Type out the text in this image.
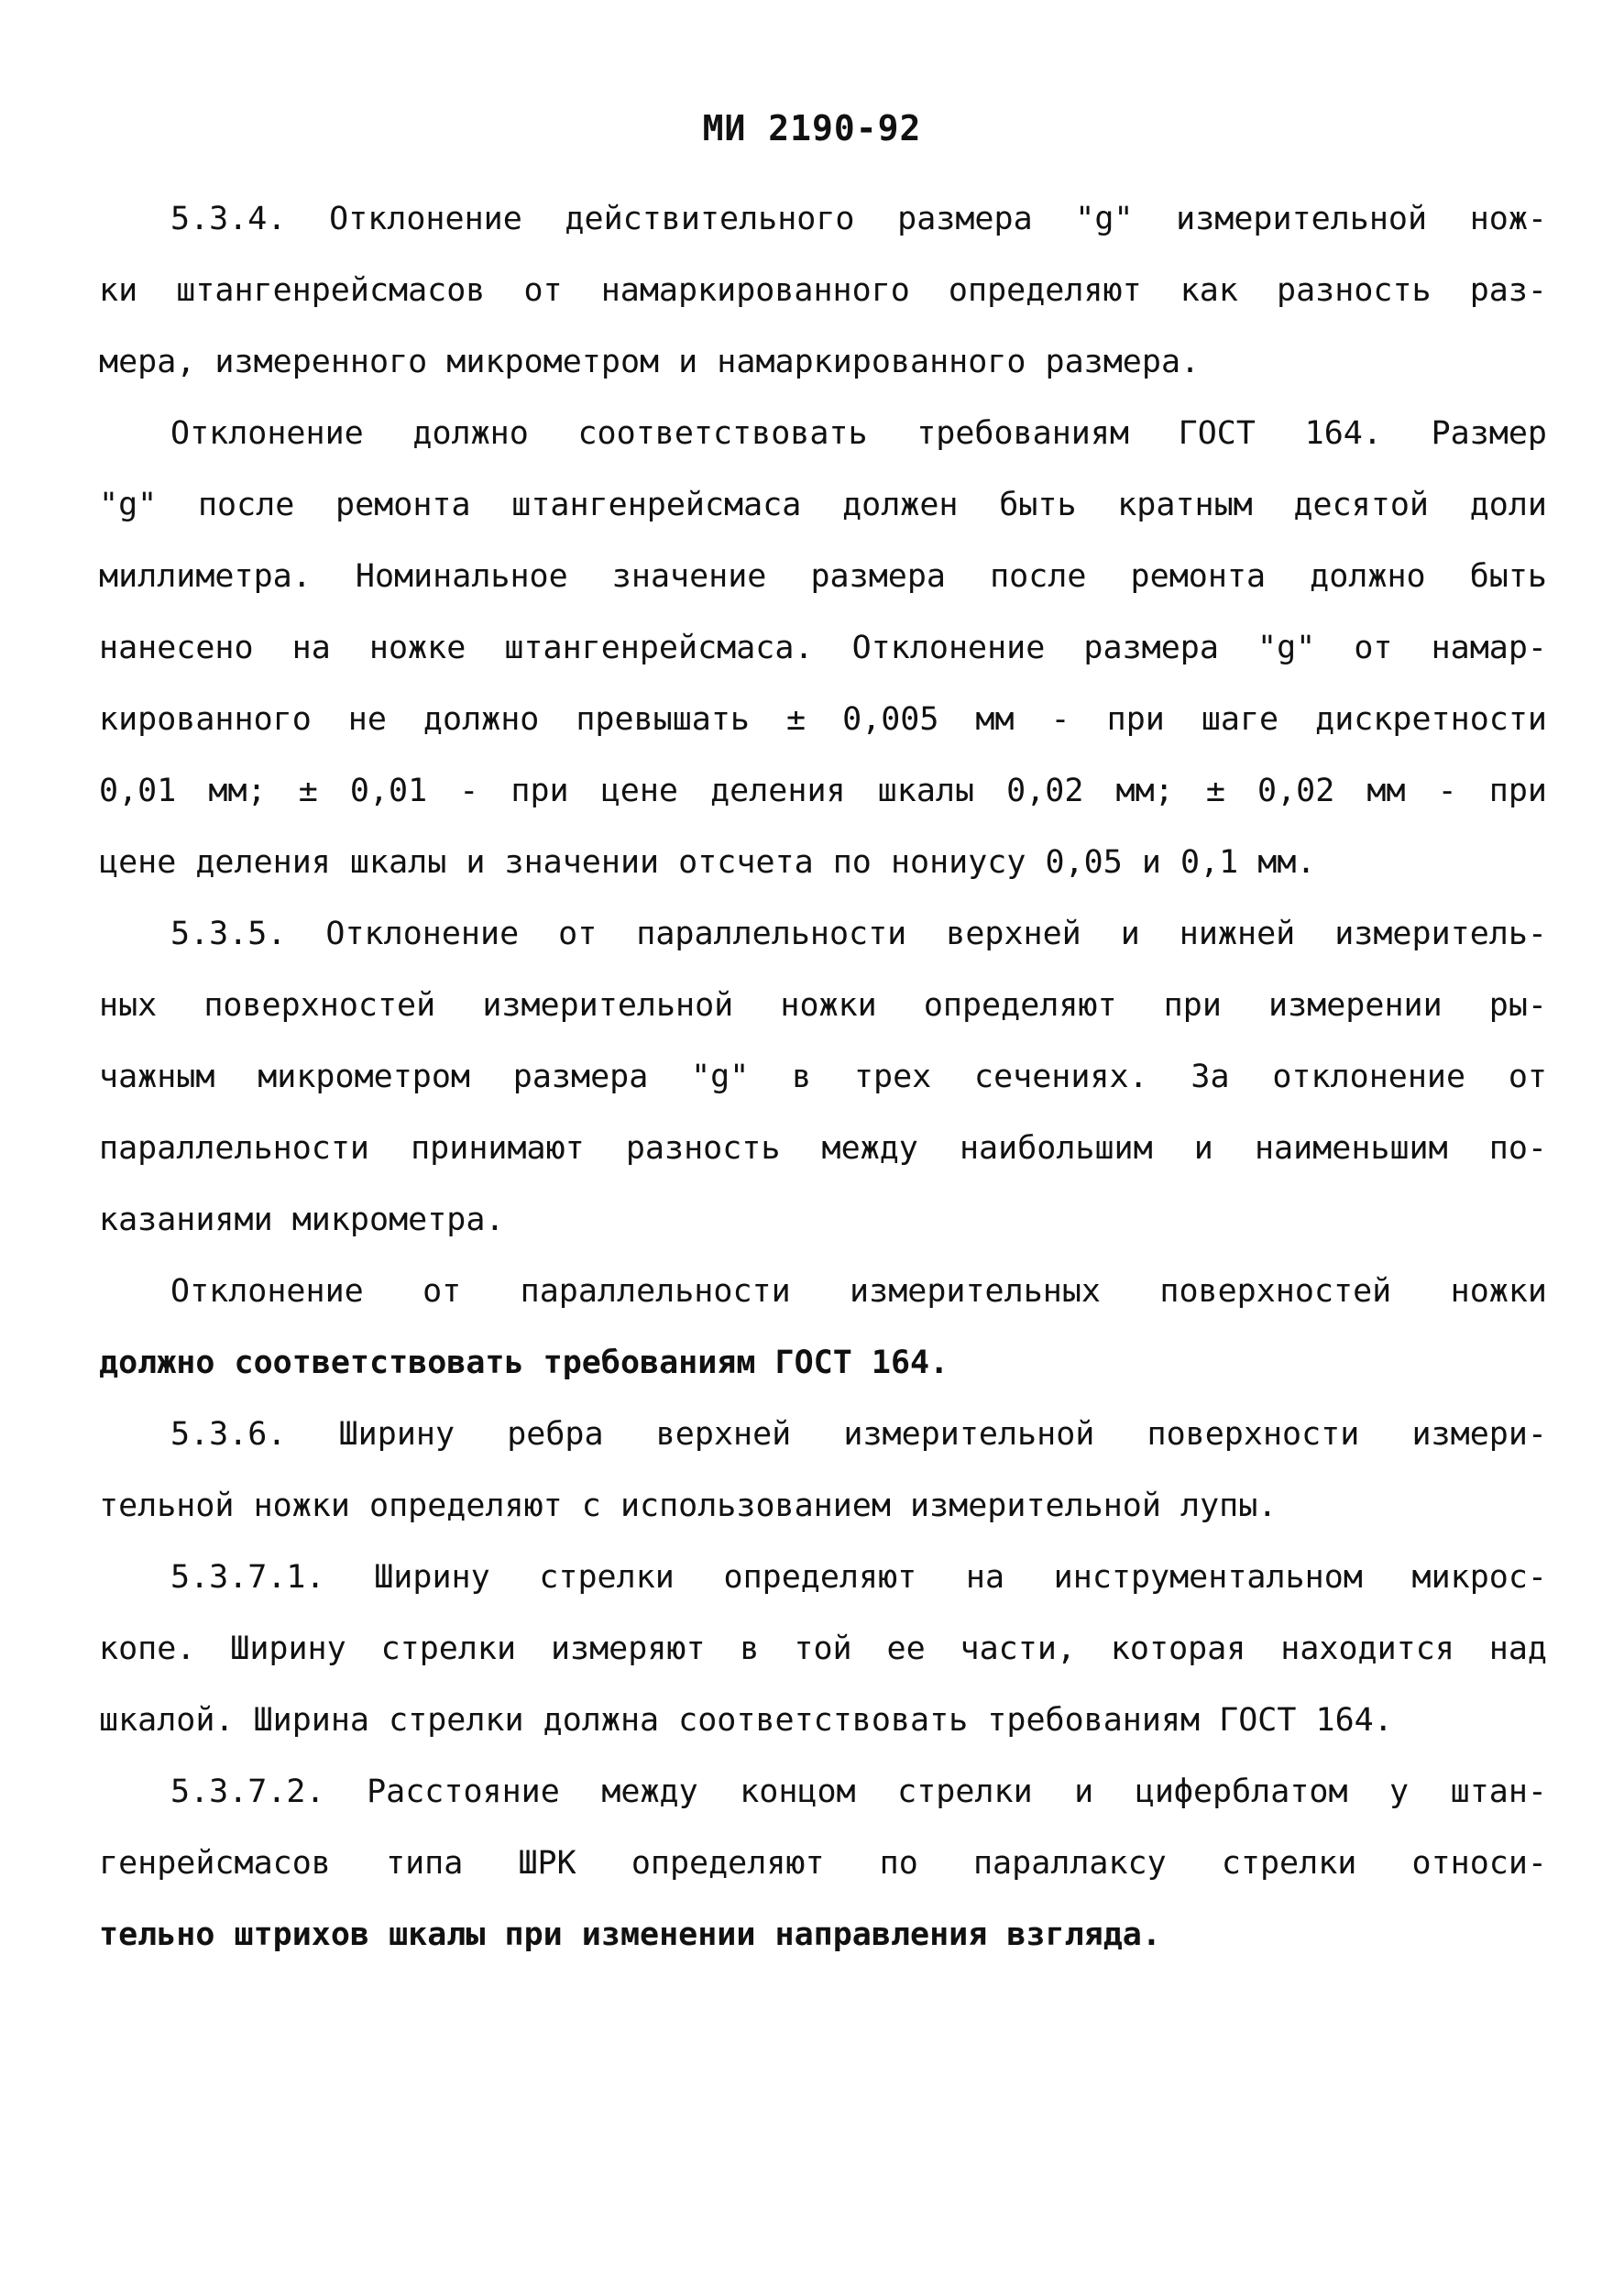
МИ 2190-92
5.3.4. Отклонение действительного размера "g" измерительной нож-
ки штангенрейсмасов от намаркированного определяют как разность раз-
мера, измеренного микрометром и намаркированного размера.
Отклонение должно соответствовать требованиям ГОСТ 164. Размер
"g" после ремонта штангенрейсмаса должен быть кратным десятой доли
миллиметра. Номинальное значение размера после ремонта должно быть
нанесено на ножке штангенрейсмаса. Отклонение размера "g" от намар-
кированного не должно превышать ± 0,005 мм - при шаге дискретности
0,01 мм; ± 0,01 - при цене деления шкалы 0,02 мм; ± 0,02 мм - при
цене деления шкалы и значении отсчета по нониусу 0,05 и 0,1 мм.
5.3.5. Отклонение от параллельности верхней и нижней измеритель-
ных поверхностей измерительной ножки определяют при измерении ры-
чажным микрометром размера "g" в трех сечениях. За отклонение от
параллельности принимают разность между наибольшим и наименьшим по-
казаниями микрометра.
Отклонение от параллельности измерительных поверхностей ножки
должно соответствовать требованиям ГОСТ 164.
5.3.6. Ширину ребра верхней измерительной поверхности измери-
тельной ножки определяют с использованием измерительной лупы.
5.3.7.1. Ширину стрелки определяют на инструментальном микрос-
копе. Ширину стрелки измеряют в той ее части, которая находится над
шкалой. Ширина стрелки должна соответствовать требованиям ГОСТ 164.
5.3.7.2. Расстояние между концом стрелки и циферблатом у штан-
генрейсмасов типа ШРК определяют по параллаксу стрелки относи-
тельно штрихов шкалы при изменении направления взгляда.
